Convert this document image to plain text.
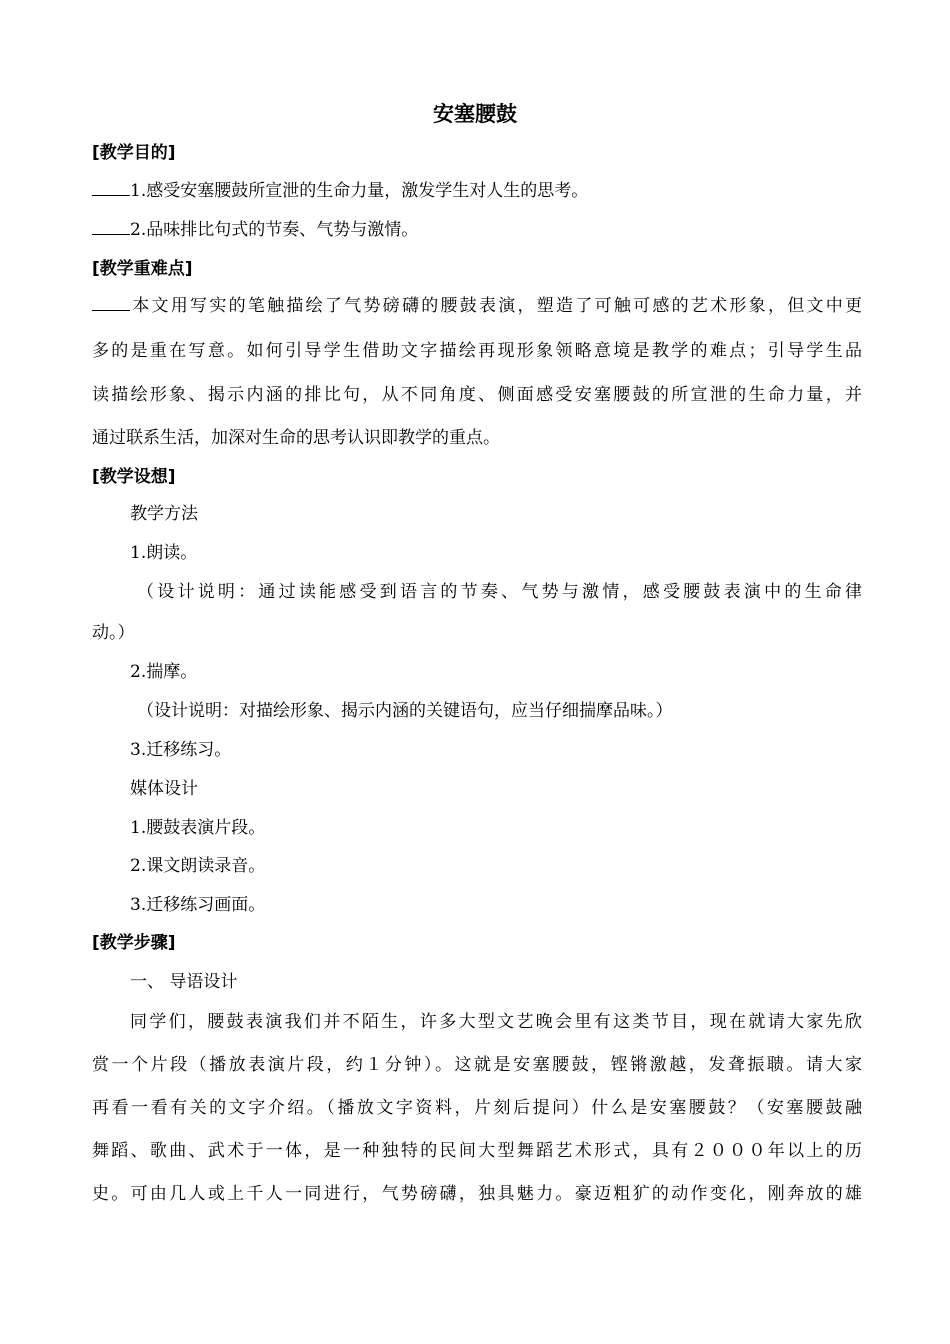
安塞腰鼓
[教学目的]
1.感受安塞腰鼓所宣泄的生命力量，激发学生对人生的思考。
2.品味排比句式的节奏、气势与激情。
[教学重难点]
本文用写实的笔触描绘了气势磅礴的腰鼓表演，塑造了可触可感的艺术形象，但文中更
多的是重在写意。如何引导学生借助文字描绘再现形象领略意境是教学的难点；引导学生品
读描绘形象、揭示内涵的排比句，从不同角度、侧面感受安塞腰鼓的所宣泄的生命力量，并
通过联系生活，加深对生命的思考认识即教学的重点。
[教学设想]
教学方法
1.朗读。
（设计说明：通过读能感受到语言的节奏、气势与激情，感受腰鼓表演中的生命律
动。）
2.揣摩。
（设计说明：对描绘形象、揭示内涵的关键语句，应当仔细揣摩品味。）
3.迁移练习。
媒体设计
1.腰鼓表演片段。
2.课文朗读录音。
3.迁移练习画面。
[教学步骤]
一、 导语设计
同学们，腰鼓表演我们并不陌生，许多大型文艺晚会里有这类节目，现在就请大家先欣
赏一个片段（播放表演片段，约１分钟）。这就是安塞腰鼓，铿锵激越，发聋振聩。请大家
再看一看有关的文字介绍。（播放文字资料，片刻后提问）什么是安塞腰鼓？（安塞腰鼓融
舞蹈、歌曲、武术于一体，是一种独特的民间大型舞蹈艺术形式，具有２０００年以上的历
史。可由几人或上千人一同进行，气势磅礴，独具魅力。豪迈粗犷的动作变化，刚奔放的雄
